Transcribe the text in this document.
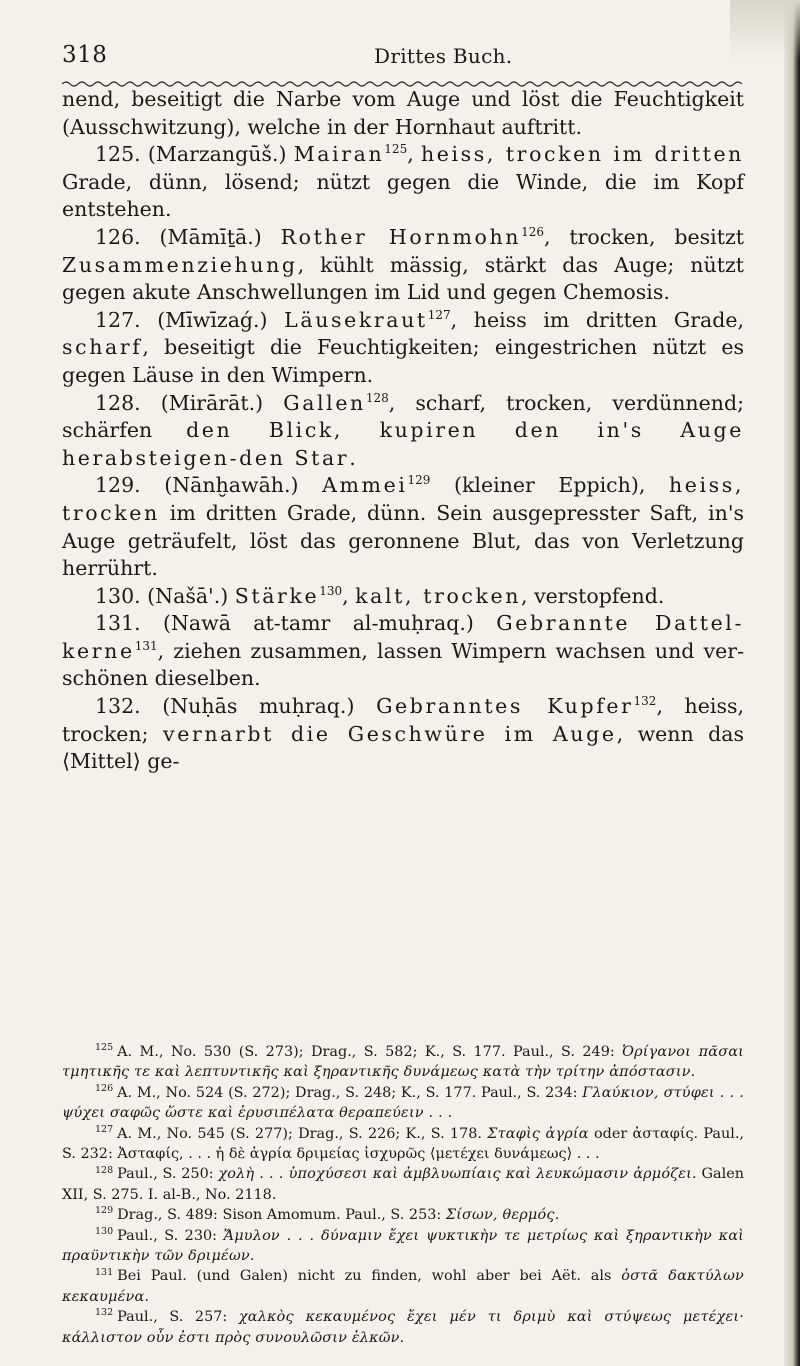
318	Drittes Buch.

nend, beseitigt die Narbe vom Auge und löst die Feuchtigkeit (Ausschwitzung), welche in der Hornhaut auftritt.

125. (Marzangūš.) Mairan$^{125}$, heiss, trocken im dritten Grade, dünn, lösend; nützt gegen die Winde, die im Kopf entstehen.

126. (Māmīṯā.) Rother Hornmohn$^{126}$, trocken, besitzt Zusammenziehung, kühlt mässig, stärkt das Auge; nützt gegen akute Anschwellungen im Lid und gegen Chemosis.

127. (Mīwīzaǵ.) Läusekraut$^{127}$, heiss im dritten Grade, scharf, beseitigt die Feuchtigkeiten; eingestrichen nützt es gegen Läuse in den Wimpern.

128. (Mirārāt.) Gallen$^{128}$, scharf, trocken, verdünnend; schärfen den Blick, kupiren den in's Auge herabsteigen-den Star.

129. (Nānḫawāh.) Ammei$^{129}$ (kleiner Eppich), heiss, trocken im dritten Grade, dünn. Sein ausgepresster Saft, in's Auge geträufelt, löst das geronnene Blut, das von Verletzung herrührt.

130. (Našā'.) Stärke$^{130}$, kalt, trocken, verstopfend.

131. (Nawā at-tamr al-muḥraq.) Gebrannte Dattel-kerne$^{131}$, ziehen zusammen, lassen Wimpern wachsen und ver-schönen dieselben.

132. (Nuḥās muḥraq.) Gebranntes Kupfer$^{132}$, heiss, trocken; vernarbt die Geschwüre im Auge, wenn das ⟨Mittel⟩ ge-

$^{125}$ A. M., No. 530 (S. 273); Drag., S. 582; K., S. 177. Paul., S. 249: Ὀρίγανοι πᾶσαι τμητικῆς τε καὶ λεπτυντικῆς καὶ ξηραντικῆς δυνάμεως κατὰ τὴν τρίτην ἀπόστασιν.

$^{126}$ A. M., No. 524 (S. 272); Drag., S. 248; K., S. 177. Paul., S. 234: Γλαύκιον, στύφει . . . ψύχει σαφῶς ὥστε καὶ ἐρυσιπέλατα θεραπεύειν . . .

$^{127}$ A. M., No. 545 (S. 277); Drag., S. 226; K., S. 178. Σταφὶς ἀγρία oder ἀσταφίς. Paul., S. 232: Ἀσταφίς, . . . ἡ δὲ ἀγρία δριμείας ἰσχυρῶς ⟨μετέχει δυνάμεως⟩ . . .

$^{128}$ Paul., S. 250: χολὴ . . . ὑποχύσεσι καὶ ἀμβλυωπίαις καὶ λευκώμασιν ἁρμόζει. Galen XII, S. 275. I. al-B., No. 2118.

$^{129}$ Drag., S. 489: Sison Amomum. Paul., S. 253: Σίσων, θερμός.

$^{130}$ Paul., S. 230: Ἄμυλον . . . δύναμιν ἔχει ψυκτικὴν τε μετρίως καὶ ξηραντικὴν καὶ πραϋντικὴν τῶν δριμέων.

$^{131}$ Bei Paul. (und Galen) nicht zu finden, wohl aber bei Aët. als ὀστᾶ δακτύλων κεκαυμένα.

$^{132}$ Paul., S. 257: χαλκὸς κεκαυμένος ἔχει μέν τι δριμὺ καὶ στύψεως μετέχει· κάλλιστον οὖν ἐστι πρὸς συνουλῶσιν ἑλκῶν.
